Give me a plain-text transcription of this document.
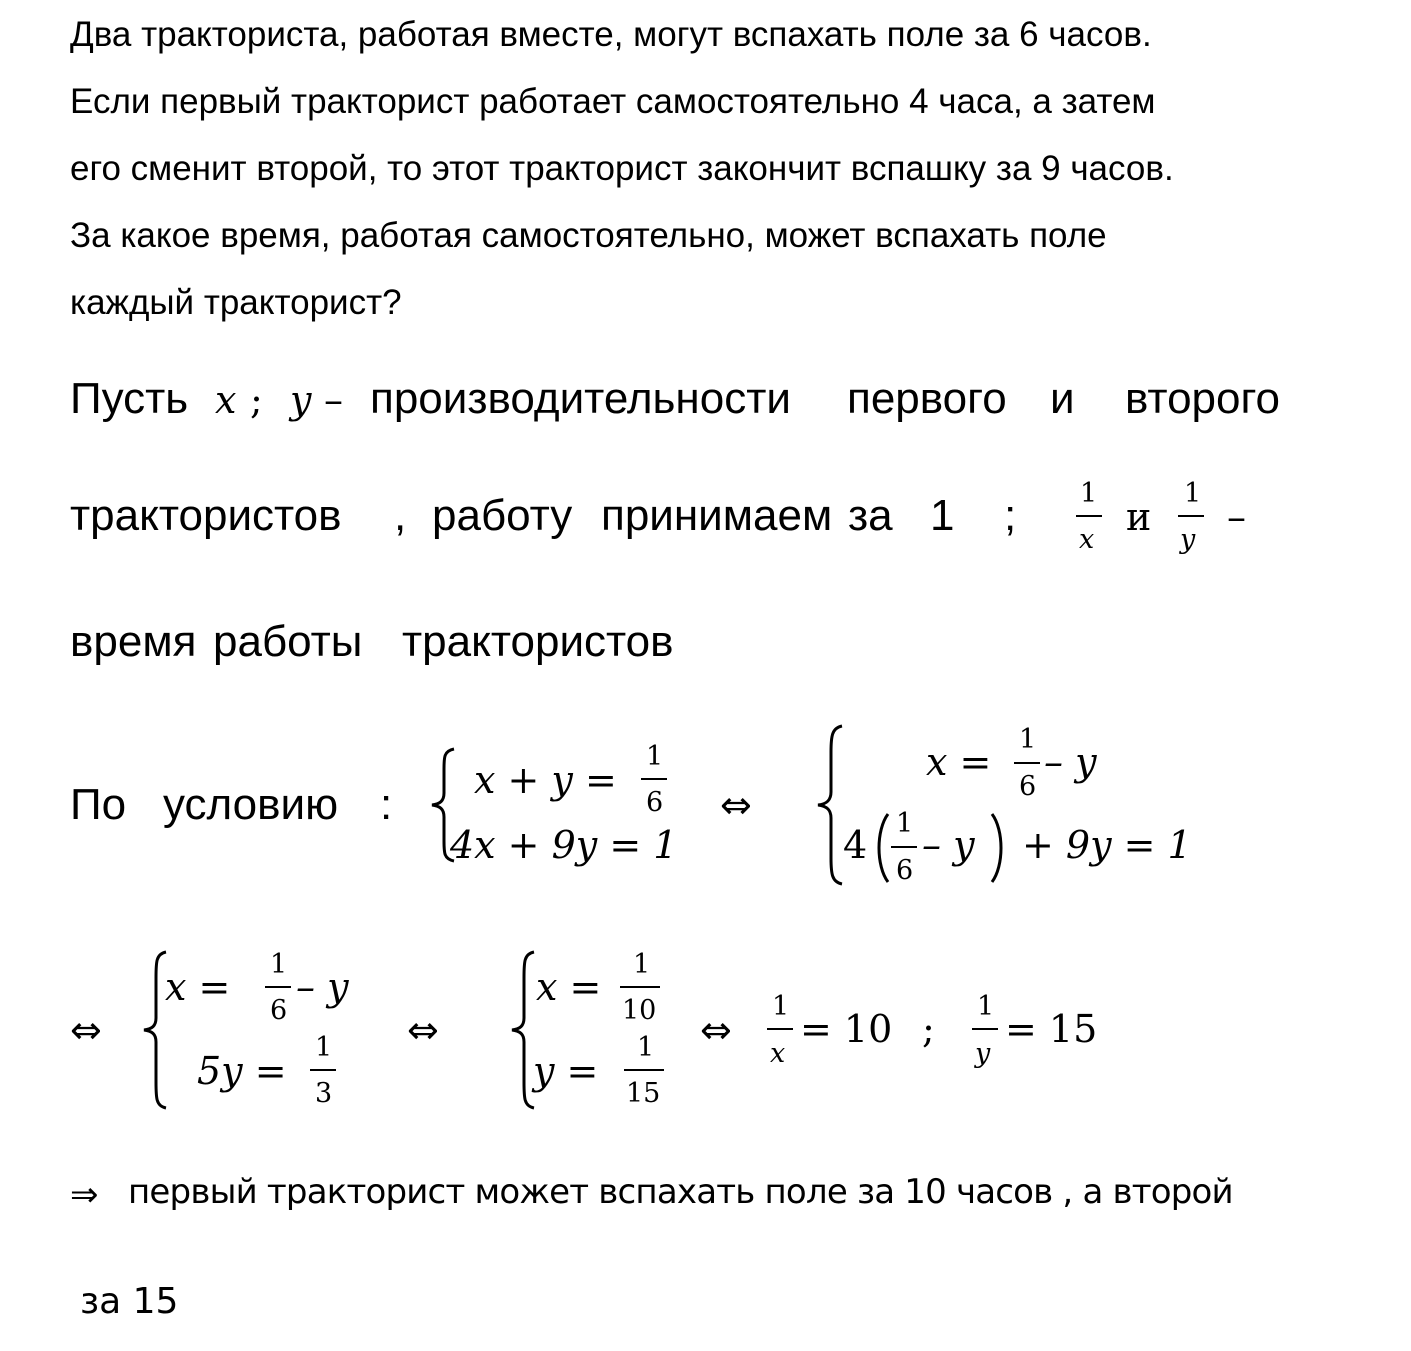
Два тракториста, работая вместе, могут вспахать поле за 6 часов.
Если первый тракторист работает самостоятельно 4 часа, а затем
его сменит второй, то этот тракторист закончит вспашку за 9 часов.
За какое время, работая самостоятельно, может вспахать поле
каждый тракторист?
Пусть x ; y – производительности первого и второго
трактористов , работу принимаем за 1 ; 1
x
и
1
y
–
время работы трактористов
По условию : x + y =
1
6
4x + 9y = 1
⇔
x =
1
6
– y
4 1
6
– y + 9y = 1
⇔
x =
1
6
– y
5y =
1
3
⇔
x =
1
10
y =
1
15
⇔
1
x
= 10 ;
1
y
= 15
⇒ первый тракторист может вспахать поле за 10 часов , а второй
за 15
